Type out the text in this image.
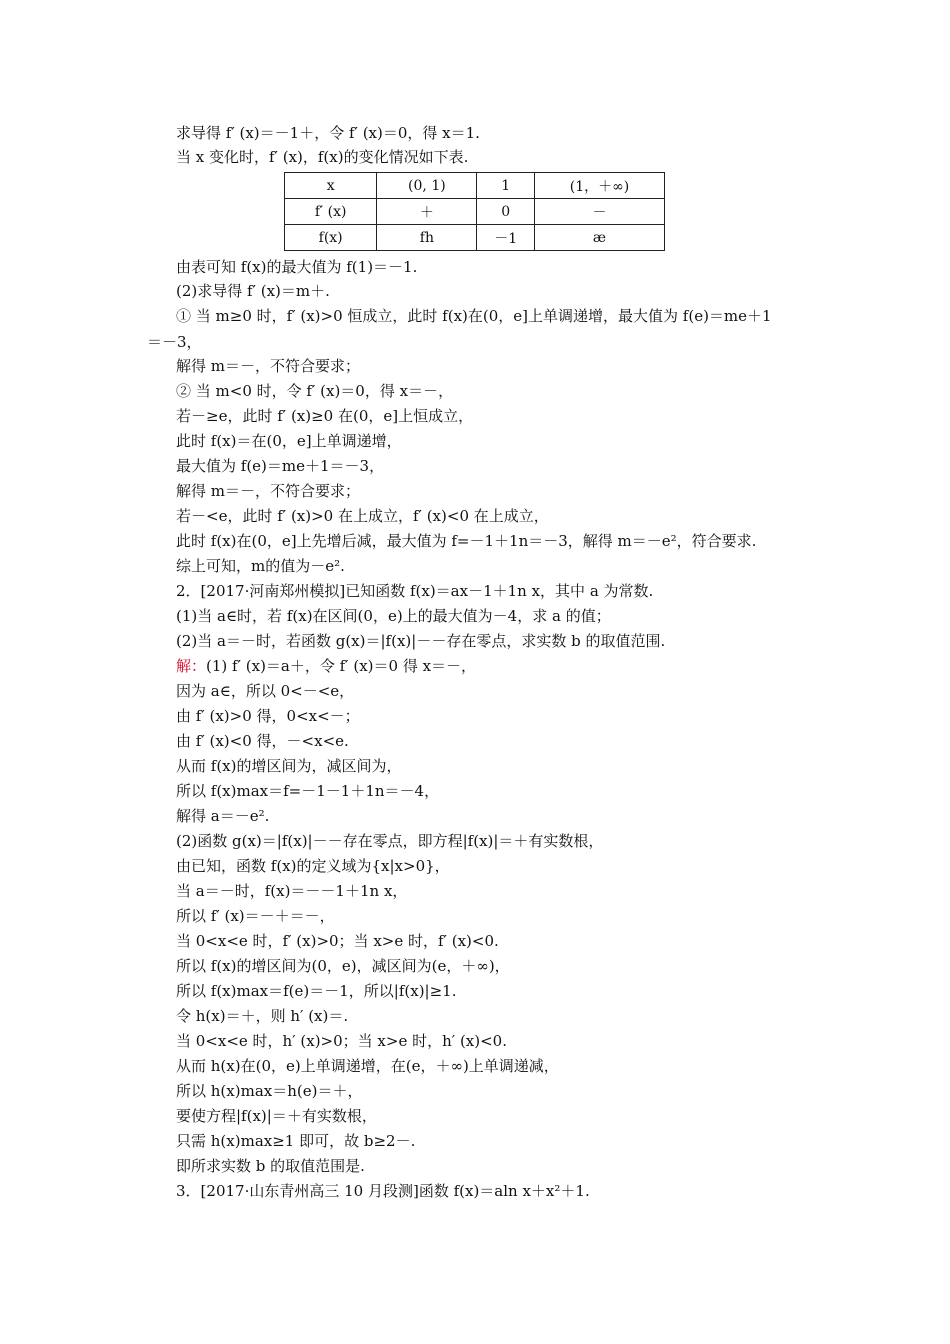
求导得 f′ (x)＝－1＋，令 f′ (x)＝0，得 x＝1.
当 x 变化时，f′ (x)，f(x)的变化情况如下表.
x	(0, 1)	1	(1，＋∞)
f′ (x)	＋	0	－
f(x)	fh	－1	æ
由表可知 f(x)的最大值为 f(1)＝－1.
(2)求导得 f′ (x)＝m＋.
① 当 m≥0 时，f′ (x)>0 恒成立，此时 f(x)在(0，e]上单调递增，最大值为 f(e)＝me＋1
＝－3，
解得 m＝－，不符合要求；
② 当 m<0 时，令 f′ (x)＝0，得 x＝－，
若－≥e，此时 f′ (x)≥0 在(0，e]上恒成立，
此时 f(x)＝在(0，e]上单调递增，
最大值为 f(e)＝me＋1＝－3，
解得 m＝－，不符合要求；
若－<e，此时 f′ (x)>0 在上成立，f′ (x)<0 在上成立，
此时 f(x)在(0，e]上先增后减，最大值为 f=－1＋1n＝－3，解得 m＝－e²，符合要求.
综上可知，m的值为－e².
2．[2017·河南郑州模拟]已知函数 f(x)＝ax－1＋1n x，其中 a 为常数.
(1)当 a∈时，若 f(x)在区间(0，e)上的最大值为－4，求 a 的值；
(2)当 a＝－时，若函数 g(x)＝|f(x)|－－存在零点，求实数 b 的取值范围.
解：(1) f′ (x)＝a＋，令 f′ (x)＝0 得 x＝－，
因为 a∈，所以 0<－<e，
由 f′ (x)>0 得，0<x<－；
由 f′ (x)<0 得，－<x<e.
从而 f(x)的增区间为，减区间为，
所以 f(x)max＝f=－1－1＋1n＝－4，
解得 a＝－e².
(2)函数 g(x)＝|f(x)|－－存在零点，即方程|f(x)|＝＋有实数根，
由已知，函数 f(x)的定义域为{x|x>0}，
当 a＝－时，f(x)＝－－1＋1n x，
所以 f′ (x)＝－＋＝－，
当 0<x<e 时，f′ (x)>0；当 x>e 时，f′ (x)<0.
所以 f(x)的增区间为(0，e)，减区间为(e，＋∞)，
所以 f(x)max＝f(e)＝－1，所以|f(x)|≥1.
令 h(x)＝＋，则 h′ (x)＝.
当 0<x<e 时，h′ (x)>0；当 x>e 时，h′ (x)<0.
从而 h(x)在(0，e)上单调递增，在(e，＋∞)上单调递减，
所以 h(x)max＝h(e)＝＋，
要使方程|f(x)|＝＋有实数根，
只需 h(x)max≥1 即可，故 b≥2－.
即所求实数 b 的取值范围是.
3．[2017·山东青州高三 10 月段测]函数 f(x)＝aln x＋x²＋1.
